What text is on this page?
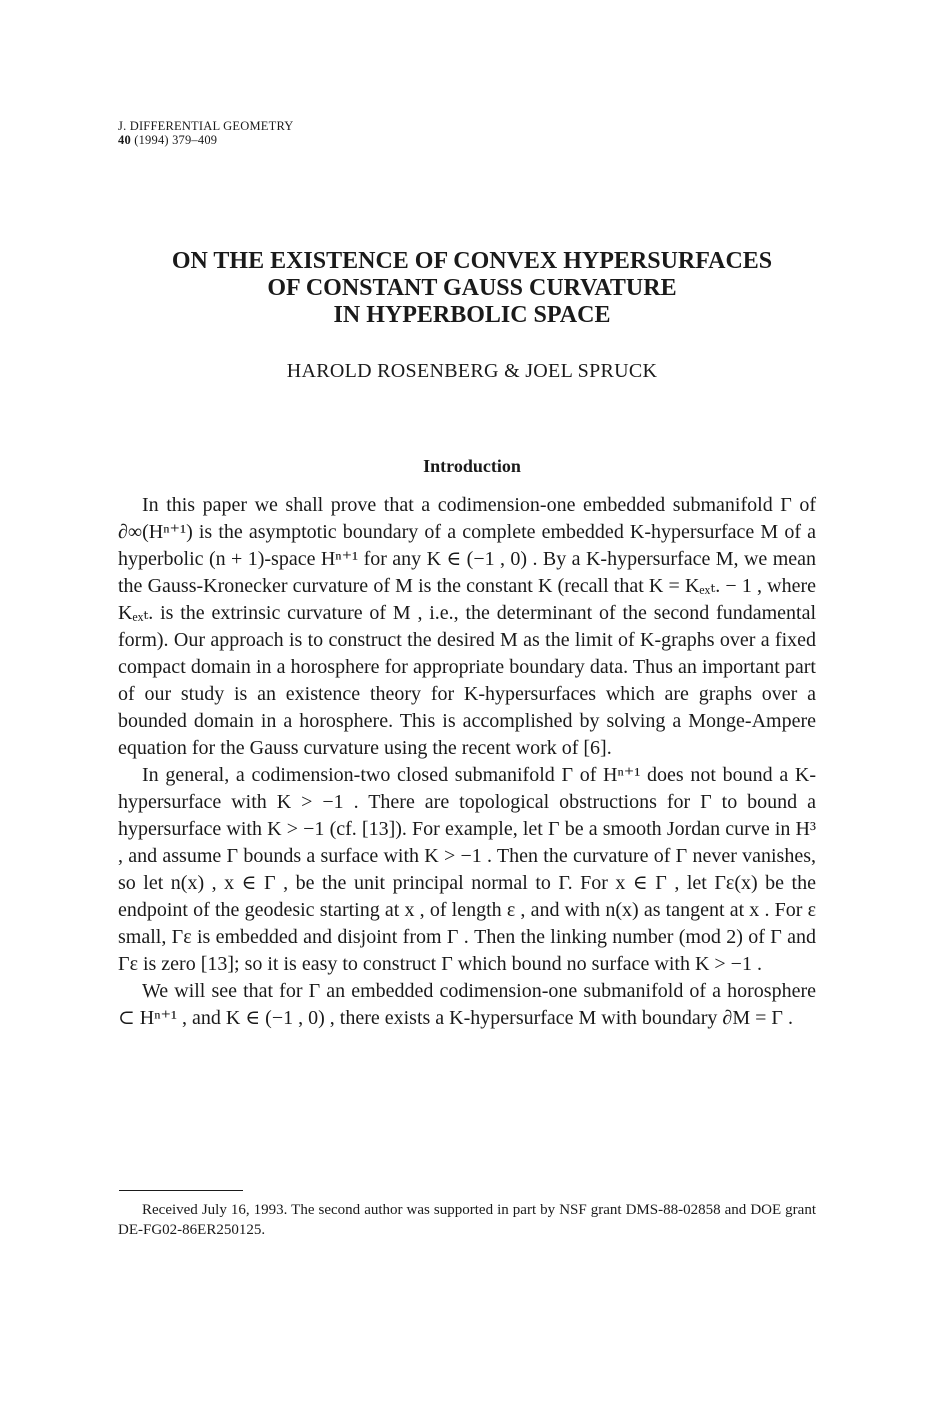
J. DIFFERENTIAL GEOMETRY
40 (1994) 379–409
ON THE EXISTENCE OF CONVEX HYPERSURFACES
OF CONSTANT GAUSS CURVATURE
IN HYPERBOLIC SPACE
HAROLD ROSENBERG & JOEL SPRUCK
Introduction

In this paper we shall prove that a codimension-one embedded submanifold Γ of ∂∞(Hⁿ⁺¹) is the asymptotic boundary of a complete embedded K-hypersurface M of a hyperbolic (n + 1)-space Hⁿ⁺¹ for any K ∈ (−1 , 0) . By a K-hypersurface M, we mean the Gauss-Kronecker curvature of M is the constant K (recall that K = Kₑₓₜ. − 1 , where Kₑₓₜ. is the extrinsic curvature of M , i.e., the determinant of the second fundamental form). Our approach is to construct the desired M as the limit of K-graphs over a fixed compact domain in a horosphere for appropriate boundary data. Thus an important part of our study is an existence theory for K-hypersurfaces which are graphs over a bounded domain in a horosphere. This is accomplished by solving a Monge-Ampere equation for the Gauss curvature using the recent work of [6].

In general, a codimension-two closed submanifold Γ of Hⁿ⁺¹ does not bound a K-hypersurface with K > −1 . There are topological obstructions for Γ to bound a hypersurface with K > −1 (cf. [13]). For example, let Γ be a smooth Jordan curve in H³ , and assume Γ bounds a surface with K > −1 . Then the curvature of Γ never vanishes, so let n(x) , x ∈ Γ , be the unit principal normal to Γ. For x ∈ Γ , let Γε(x) be the endpoint of the geodesic starting at x , of length ε , and with n(x) as tangent at x . For ε small, Γε is embedded and disjoint from Γ . Then the linking number (mod 2) of Γ and Γε is zero [13]; so it is easy to construct Γ which bound no surface with K > −1 .

We will see that for Γ an embedded codimension-one submanifold of a horosphere ⊂ Hⁿ⁺¹ , and K ∈ (−1 , 0) , there exists a K-hypersurface M with boundary ∂M = Γ .

Received July 16, 1993. The second author was supported in part by NSF grant DMS-88-02858 and DOE grant DE-FG02-86ER250125.
